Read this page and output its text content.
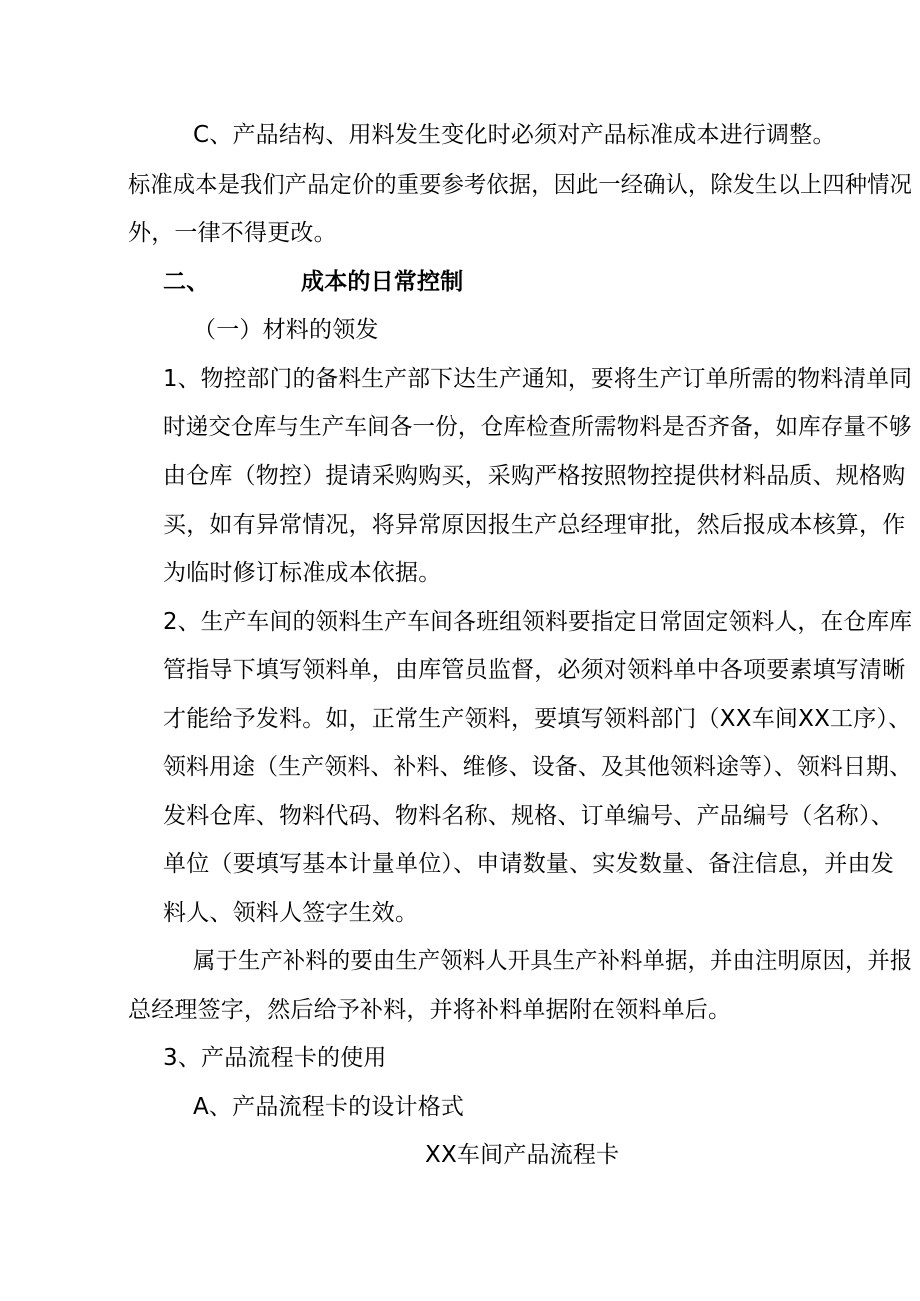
C、产品结构、用料发生变化时必须对产品标准成本进行调整。
标准成本是我们产品定价的重要参考依据，因此一经确认，除发生以上四种情况
外，一律不得更改。
二、	成本的日常控制
（一）材料的领发
1、物控部门的备料生产部下达生产通知，要将生产订单所需的物料清单同
时递交仓库与生产车间各一份，仓库检查所需物料是否齐备，如库存量不够
由仓库（物控）提请采购购买，采购严格按照物控提供材料品质、规格购
买，如有异常情况，将异常原因报生产总经理审批，然后报成本核算，作
为临时修订标准成本依据。
2、生产车间的领料生产车间各班组领料要指定日常固定领料人，在仓库库
管指导下填写领料单，由库管员监督，必须对领料单中各项要素填写清晰
才能给予发料。如，正常生产领料，要填写领料部门（XX车间XX工序）、
领料用途（生产领料、补料、维修、设备、及其他领料途等）、领料日期、
发料仓库、物料代码、物料名称、规格、订单编号、产品编号（名称）、
单位（要填写基本计量单位）、申请数量、实发数量、备注信息，并由发
料人、领料人签字生效。
属于生产补料的要由生产领料人开具生产补料单据，并由注明原因，并报
总经理签字，然后给予补料，并将补料单据附在领料单后。
3、产品流程卡的使用
A、产品流程卡的设计格式
XX车间产品流程卡
